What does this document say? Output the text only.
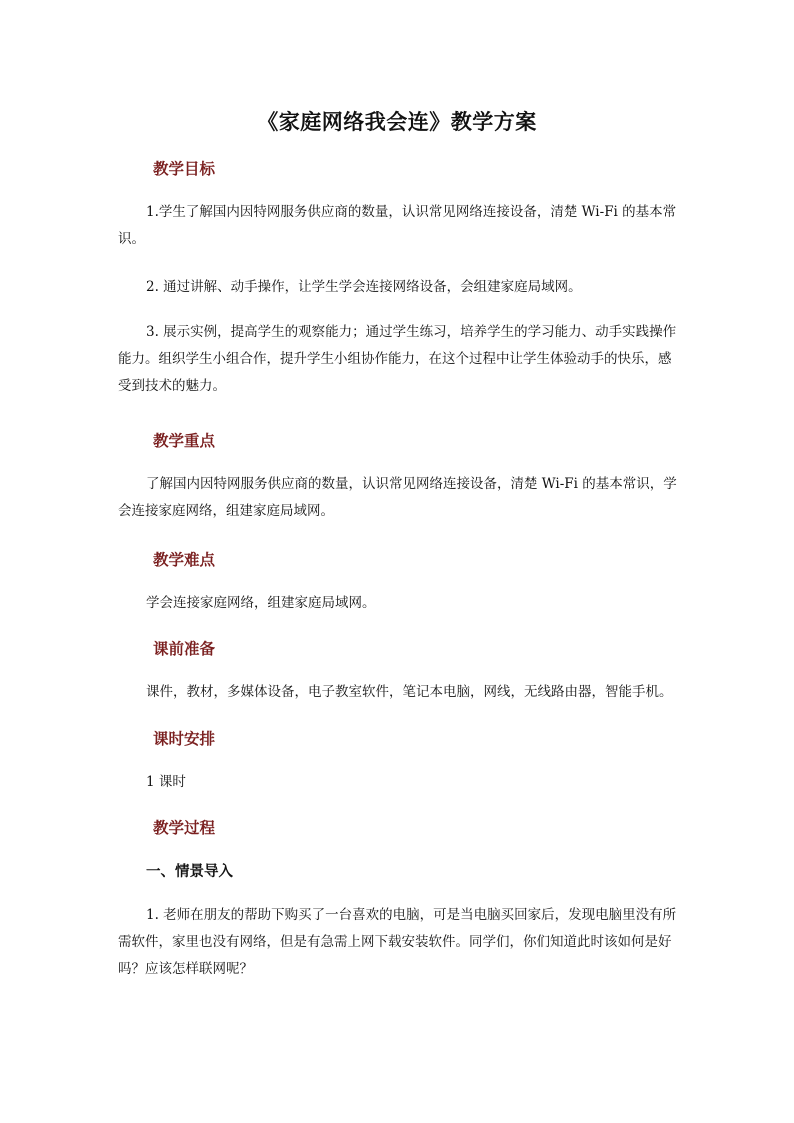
《家庭网络我会连》教学方案
教学目标

1.学生了解国内因特网服务供应商的数量，认识常见网络连接设备，清楚 Wi-Fi 的基本常识。

2. 通过讲解、动手操作，让学生学会连接网络设备，会组建家庭局域网。

3. 展示实例，提高学生的观察能力；通过学生练习，培养学生的学习能力、动手实践操作能力。组织学生小组合作，提升学生小组协作能力，在这个过程中让学生体验动手的快乐，感受到技术的魅力。

教学重点

了解国内因特网服务供应商的数量，认识常见网络连接设备，清楚 Wi-Fi 的基本常识，学会连接家庭网络，组建家庭局域网。

教学难点

学会连接家庭网络，组建家庭局域网。

课前准备

课件，教材，多媒体设备，电子教室软件，笔记本电脑，网线，无线路由器，智能手机。

课时安排

1 课时

教学过程
一、情景导入

1. 老师在朋友的帮助下购买了一台喜欢的电脑，可是当电脑买回家后，发现电脑里没有所需软件，家里也没有网络，但是有急需上网下载安装软件。同学们，你们知道此时该如何是好吗？应该怎样联网呢？
